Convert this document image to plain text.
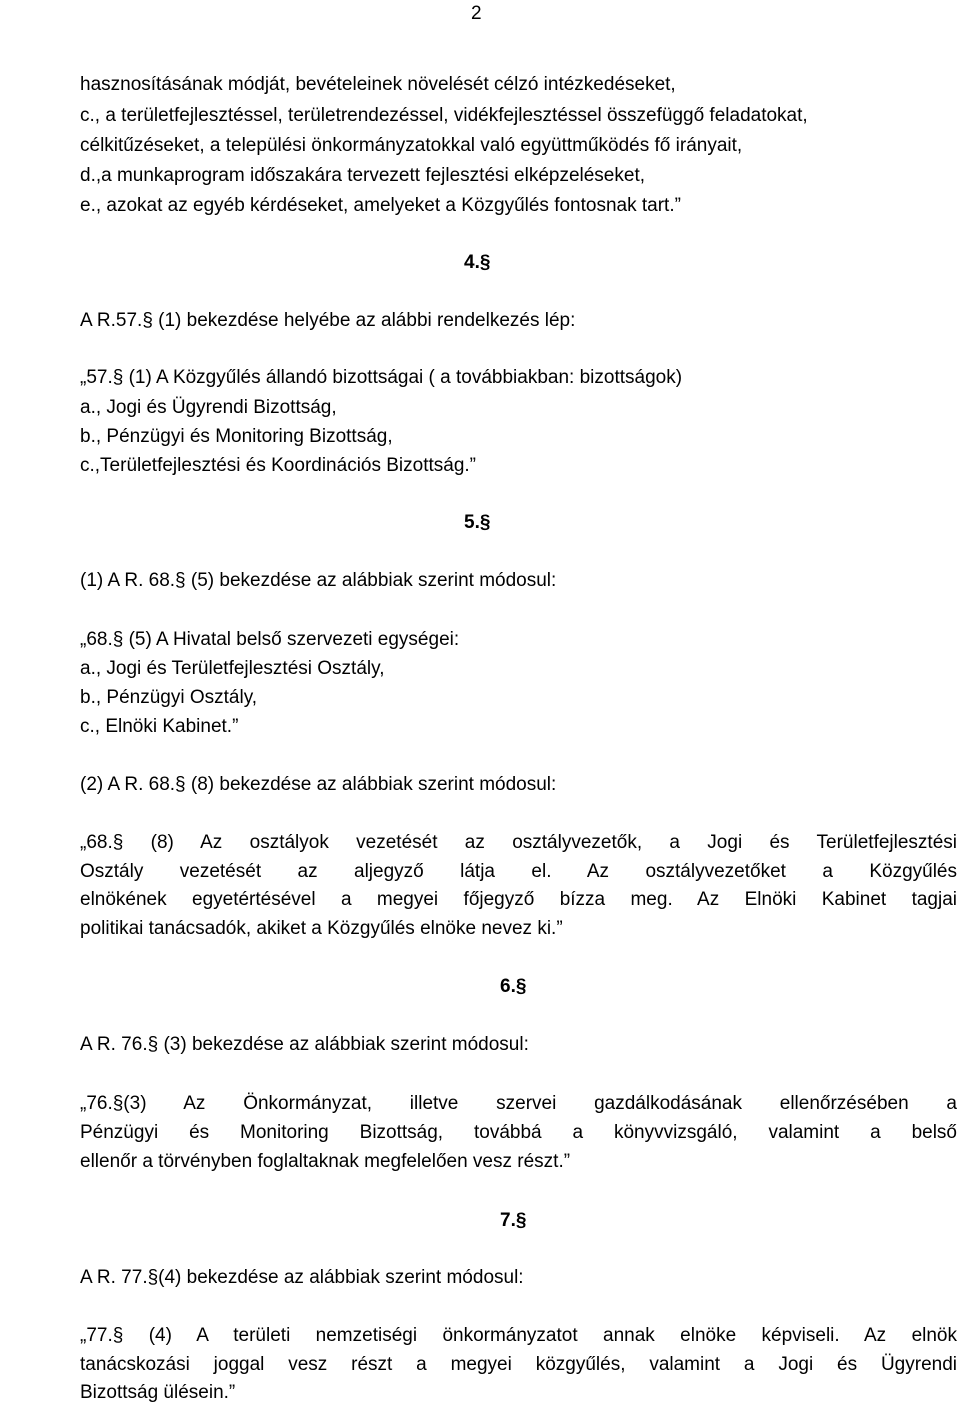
2
hasznosításának módját, bevételeinek növelését célzó intézkedéseket,
c., a területfejlesztéssel, területrendezéssel, vidékfejlesztéssel összefüggő feladatokat,
célkitűzéseket, a települési önkormányzatokkal való együttműködés fő irányait,
d.,a munkaprogram időszakára tervezett fejlesztési elképzeléseket,
e., azokat az egyéb kérdéseket, amelyeket a Közgyűlés fontosnak tart.”
4.§
A R.57.§ (1) bekezdése helyébe az alábbi rendelkezés lép:
„57.§ (1) A Közgyűlés állandó bizottságai ( a továbbiakban: bizottságok)
a., Jogi és Ügyrendi Bizottság,
b., Pénzügyi és Monitoring Bizottság,
c.,Területfejlesztési és Koordinációs Bizottság.”
5.§
(1) A R. 68.§ (5) bekezdése az alábbiak szerint módosul:
„68.§ (5) A Hivatal belső szervezeti egységei:
a., Jogi és Területfejlesztési Osztály,
b., Pénzügyi Osztály,
c., Elnöki Kabinet.”
(2) A R. 68.§ (8) bekezdése az alábbiak szerint módosul:
„68.§ (8) Az osztályok vezetését az osztályvezetők, a Jogi és Területfejlesztési
Osztály vezetését az aljegyző látja el. Az osztályvezetőket a Közgyűlés
elnökének egyetértésével a megyei főjegyző bízza meg. Az Elnöki Kabinet tagjai
politikai tanácsadók, akiket a Közgyűlés elnöke nevez ki.”
6.§
A R. 76.§ (3) bekezdése az alábbiak szerint módosul:
„76.§(3) Az Önkormányzat, illetve szervei gazdálkodásának ellenőrzésében a
Pénzügyi és Monitoring Bizottság, továbbá a könyvvizsgáló, valamint a belső
ellenőr a törvényben foglaltaknak megfelelően vesz részt.”
7.§
A R. 77.§(4) bekezdése az alábbiak szerint módosul:
„77.§ (4) A területi nemzetiségi önkormányzatot annak elnöke képviseli. Az elnök
tanácskozási joggal vesz részt a megyei közgyűlés, valamint a Jogi és Ügyrendi
Bizottság ülésein.”
